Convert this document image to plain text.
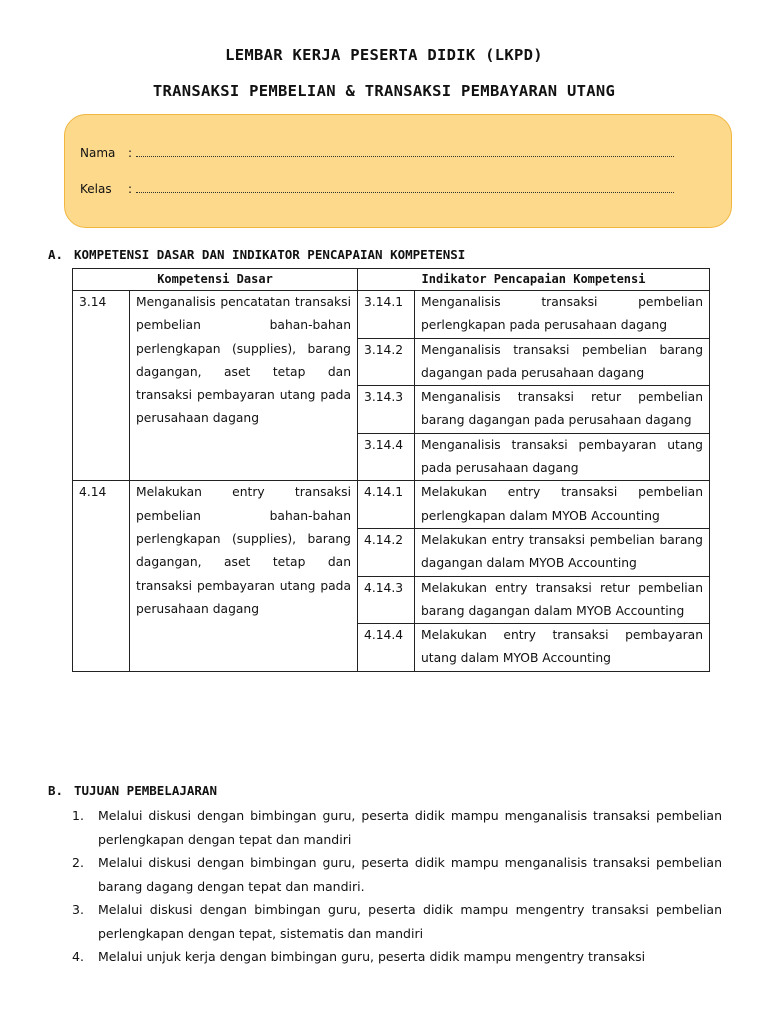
LEMBAR KERJA PESERTA DIDIK (LKPD)
TRANSAKSI PEMBELIAN & TRANSAKSI PEMBAYARAN UTANG
Nama	:
Kelas	:
A. KOMPETENSI DASAR DAN INDIKATOR PENCAPAIAN KOMPETENSI
Kompetensi Dasar		Indikator Pencapaian Kompetensi	
3.14	Menganalisis pencatatan transaksi pembelian bahan-bahan perlengkapan (supplies), barang dagangan, aset tetap dan transaksi pembayaran utang pada perusahaan dagang	3.14.1	Menganalisis transaksi pembelian perlengkapan pada perusahaan dagang
		3.14.2	Menganalisis transaksi pembelian barang dagangan pada perusahaan dagang
		3.14.3	Menganalisis transaksi retur pembelian barang dagangan pada perusahaan dagang
		3.14.4	Menganalisis transaksi pembayaran utang pada perusahaan dagang
4.14	Melakukan entry transaksi pembelian bahan-bahan perlengkapan (supplies), barang dagangan, aset tetap dan transaksi pembayaran utang pada perusahaan dagang	4.14.1	Melakukan entry transaksi pembelian perlengkapan dalam MYOB Accounting
		4.14.2	Melakukan entry transaksi pembelian barang dagangan dalam MYOB Accounting
		4.14.3	Melakukan entry transaksi retur pembelian barang dagangan dalam MYOB Accounting
		4.14.4	Melakukan entry transaksi pembayaran utang dalam MYOB Accounting
B. TUJUAN PEMBELAJARAN
1.	Melalui diskusi dengan bimbingan guru, peserta didik mampu menganalisis transaksi pembelian perlengkapan dengan tepat dan mandiri
2.	Melalui diskusi dengan bimbingan guru, peserta didik mampu menganalisis transaksi pembelian barang dagang dengan tepat dan mandiri.
3.	Melalui diskusi dengan bimbingan guru, peserta didik mampu mengentry transaksi pembelian perlengkapan dengan tepat, sistematis dan mandiri
4.	Melalui unjuk kerja dengan bimbingan guru, peserta didik mampu mengentry transaksi
